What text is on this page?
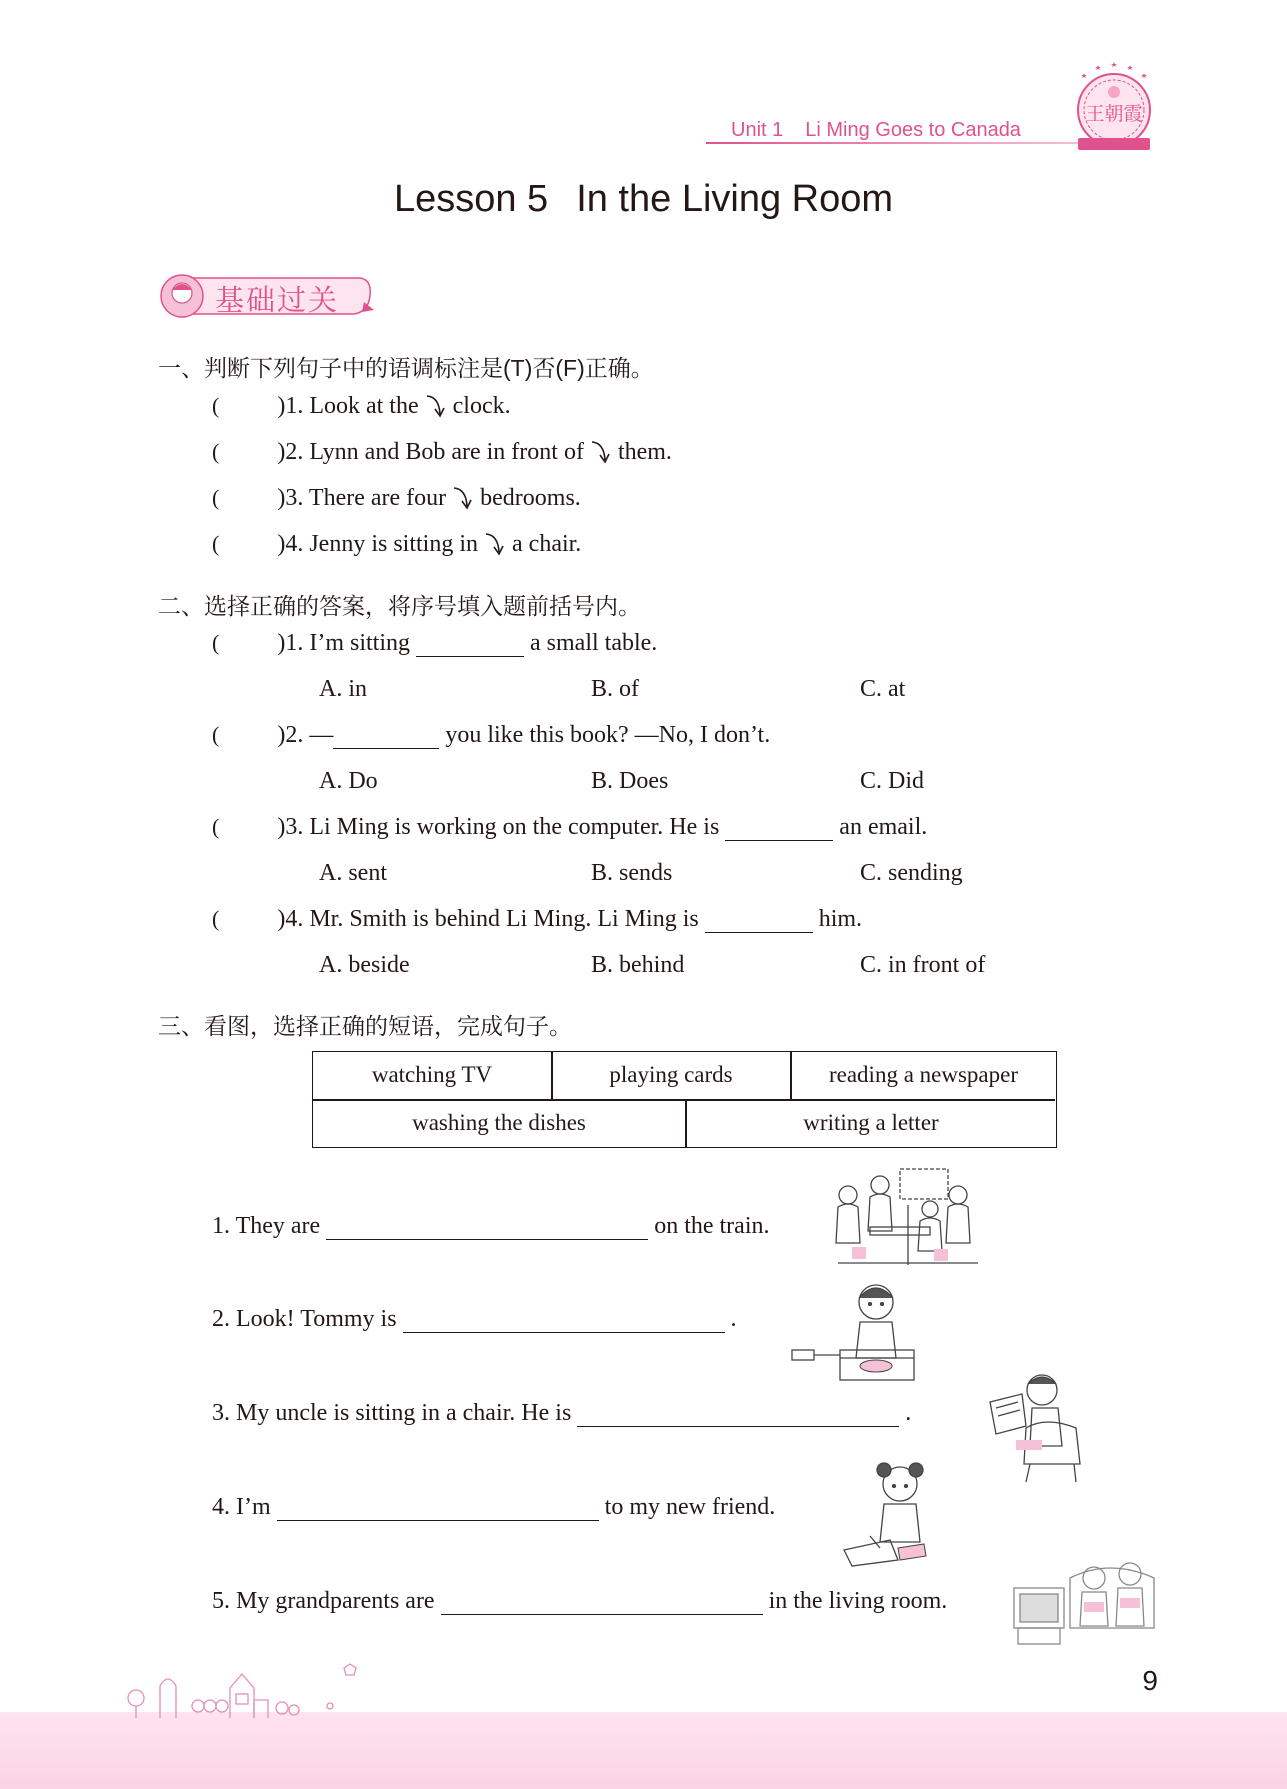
Unit 1 Li Ming Goes to Canada
王朝霞
Lesson 5 In the Living Room
基础过关
一、判断下列句子中的语调标注是(T)否(F)正确。
( )1. Look at the clock.
( )2. Lynn and Bob are in front of them.
( )3. There are four bedrooms.
( )4. Jenny is sitting in a chair.
二、选择正确的答案，将序号填入题前括号内。
( )1. I’m sitting	a small table.
A. in	B. of	C. at
( )2. —	you like this book? —No, I don’t.
A. Do	B. Does	C. Did
( )3. Li Ming is working on the computer. He is	an email.
A. sent	B. sends	C. sending
( )4. Mr. Smith is behind Li Ming. Li Ming is	him.
A. beside	B. behind	C. in front of
三、看图，选择正确的短语，完成句子。
watching TV	playing cards	reading a newspaper
washing the dishes	writing a letter
1. They are	on the train.
2. Look! Tommy is	.
3. My uncle is sitting in a chair. He is	.
4. I’m	to my new friend.
5. My grandparents are	in the living room.
9
